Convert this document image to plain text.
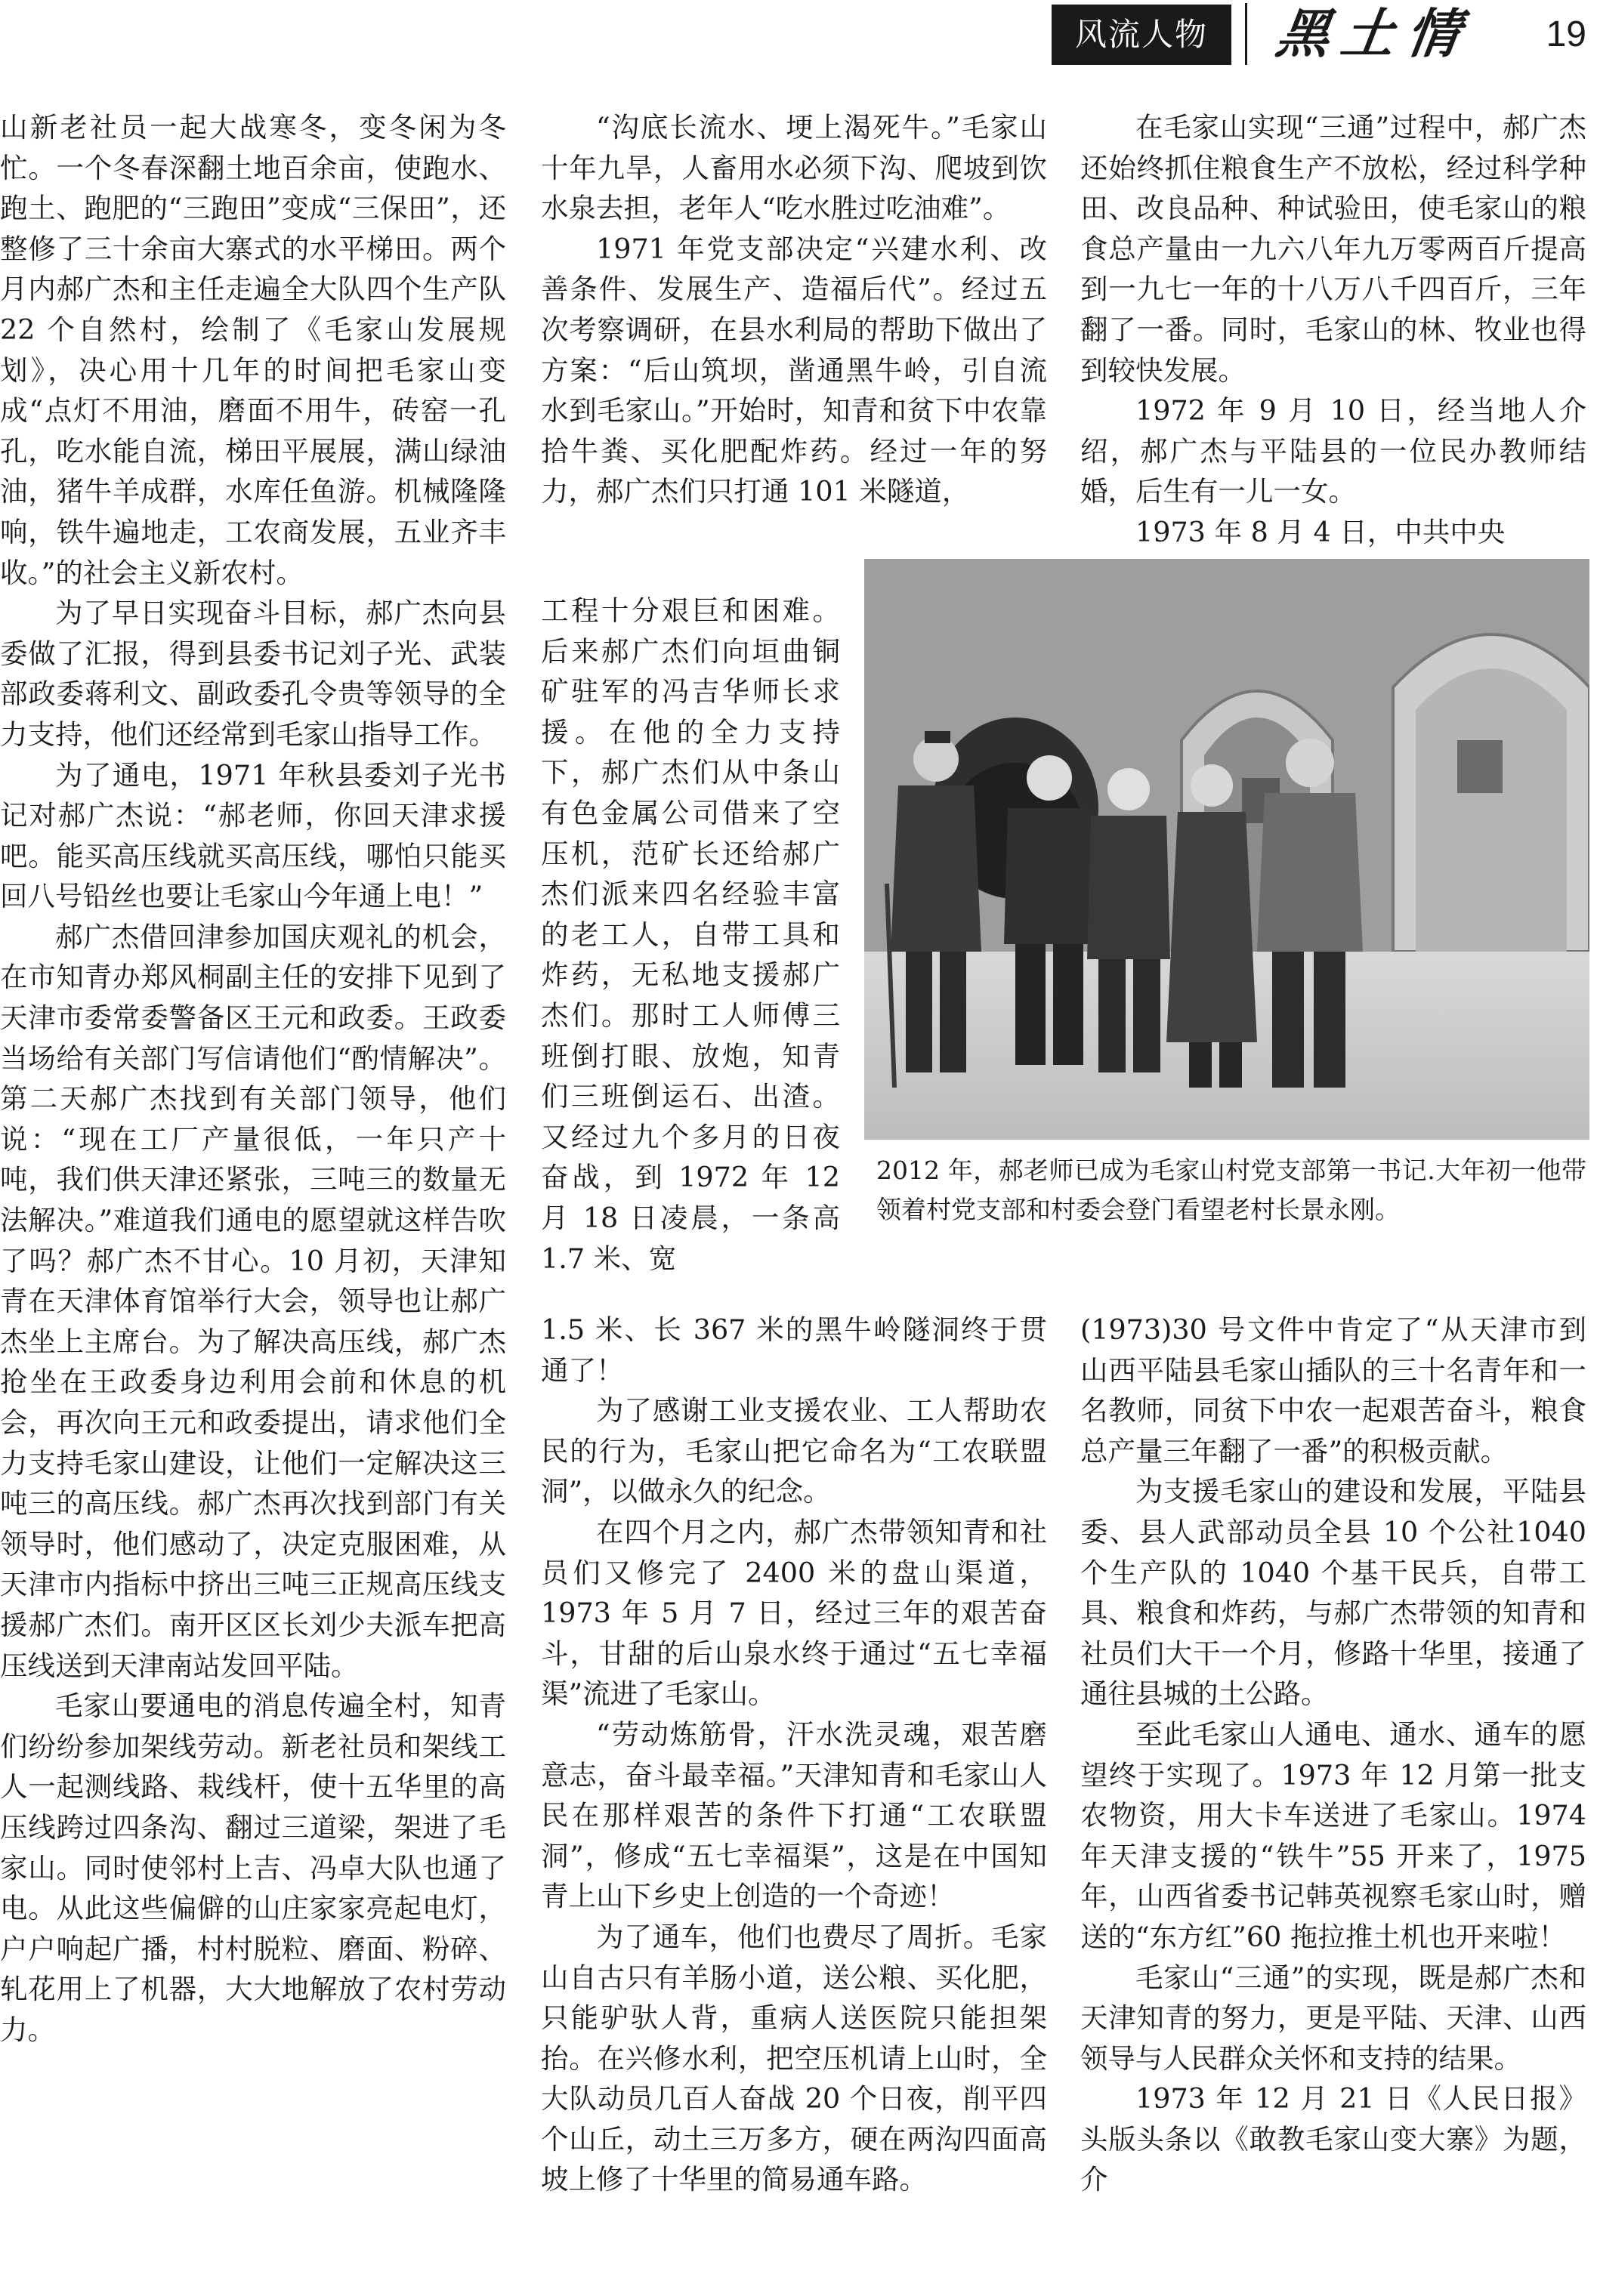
风流人物	黑土情	19

山新老社员一起大战寒冬，变冬闲为冬忙。一个冬春深翻土地百余亩，使跑水、跑土、跑肥的“三跑田”变成“三保田”，还整修了三十余亩大寨式的水平梯田。两个月内郝广杰和主任走遍全大队四个生产队 22 个自然村，绘制了《毛家山发展规划》，决心用十几年的时间把毛家山变成“点灯不用油，磨面不用牛，砖窑一孔孔，吃水能自流，梯田平展展，满山绿油油，猪牛羊成群，水库任鱼游。机械隆隆响，铁牛遍地走，工农商发展，五业齐丰收。”的社会主义新农村。

为了早日实现奋斗目标，郝广杰向县委做了汇报，得到县委书记刘子光、武装部政委蒋利文、副政委孔令贵等领导的全力支持，他们还经常到毛家山指导工作。

为了通电，1971 年秋县委刘子光书记对郝广杰说：“郝老师，你回天津求援吧。能买高压线就买高压线，哪怕只能买回八号铅丝也要让毛家山今年通上电！”

郝广杰借回津参加国庆观礼的机会，在市知青办郑风桐副主任的安排下见到了天津市委常委警备区王元和政委。王政委当场给有关部门写信请他们“酌情解决”。第二天郝广杰找到有关部门领导，他们说：“现在工厂产量很低，一年只产十吨，我们供天津还紧张，三吨三的数量无法解决。”难道我们通电的愿望就这样告吹了吗？郝广杰不甘心。10 月初，天津知青在天津体育馆举行大会，领导也让郝广杰坐上主席台。为了解决高压线，郝广杰抢坐在王政委身边利用会前和休息的机会，再次向王元和政委提出，请求他们全力支持毛家山建设，让他们一定解决这三吨三的高压线。郝广杰再次找到部门有关领导时，他们感动了，决定克服困难，从天津市内指标中挤出三吨三正规高压线支援郝广杰们。南开区区长刘少夫派车把高压线送到天津南站发回平陆。

毛家山要通电的消息传遍全村，知青们纷纷参加架线劳动。新老社员和架线工人一起测线路、栽线杆，使十五华里的高压线跨过四条沟、翻过三道梁，架进了毛家山。同时使邻村上吉、冯卓大队也通了电。从此这些偏僻的山庄家家亮起电灯，户户响起广播，村村脱粒、磨面、粉碎、轧花用上了机器，大大地解放了农村劳动力。

“沟底长流水、埂上渴死牛。”毛家山十年九旱，人畜用水必须下沟、爬坡到饮水泉去担，老年人“吃水胜过吃油难”。

1971 年党支部决定“兴建水利、改善条件、发展生产、造福后代”。经过五次考察调研，在县水利局的帮助下做出了方案：“后山筑坝，凿通黑牛岭，引自流水到毛家山。”开始时，知青和贫下中农靠拾牛粪、买化肥配炸药。经过一年的努力，郝广杰们只打通 101 米隧道，

工程十分艰巨和困难。后来郝广杰们向垣曲铜矿驻军的冯吉华师长求援。在他的全力支持下，郝广杰们从中条山有色金属公司借来了空压机，范矿长还给郝广杰们派来四名经验丰富的老工人，自带工具和炸药，无私地支援郝广杰们。那时工人师傅三班倒打眼、放炮，知青们三班倒运石、出渣。又经过九个多月的日夜奋战，到 1972 年 12 月 18 日凌晨，一条高 1.7 米、宽

1.5 米、长 367 米的黑牛岭隧洞终于贯通了！

为了感谢工业支援农业、工人帮助农民的行为，毛家山把它命名为“工农联盟洞”，以做永久的纪念。

在四个月之内，郝广杰带领知青和社员们又修完了 2400 米的盘山渠道，1973 年 5 月 7 日，经过三年的艰苦奋斗，甘甜的后山泉水终于通过“五七幸福渠”流进了毛家山。

“劳动炼筋骨，汗水洗灵魂，艰苦磨意志，奋斗最幸福。”天津知青和毛家山人民在那样艰苦的条件下打通“工农联盟洞”，修成“五七幸福渠”，这是在中国知青上山下乡史上创造的一个奇迹！

为了通车，他们也费尽了周折。毛家山自古只有羊肠小道，送公粮、买化肥，只能驴驮人背，重病人送医院只能担架抬。在兴修水利，把空压机请上山时，全大队动员几百人奋战 20 个日夜，削平四个山丘，动土三万多方，硬在两沟四面高坡上修了十华里的简易通车路。

在毛家山实现“三通”过程中，郝广杰还始终抓住粮食生产不放松，经过科学种田、改良品种、种试验田，使毛家山的粮食总产量由一九六八年九万零两百斤提高到一九七一年的十八万八千四百斤，三年翻了一番。同时，毛家山的林、牧业也得到较快发展。

1972 年 9 月 10 日，经当地人介绍，郝广杰与平陆县的一位民办教师结婚，后生有一儿一女。

1973 年 8 月 4 日，中共中央

(1973)30 号文件中肯定了“从天津市到山西平陆县毛家山插队的三十名青年和一名教师，同贫下中农一起艰苦奋斗，粮食总产量三年翻了一番”的积极贡献。

为支援毛家山的建设和发展，平陆县委、县人武部动员全县 10 个公社1040 个生产队的 1040 个基干民兵，自带工具、粮食和炸药，与郝广杰带领的知青和社员们大干一个月，修路十华里，接通了通往县城的土公路。

至此毛家山人通电、通水、通车的愿望终于实现了。1973 年 12 月第一批支农物资，用大卡车送进了毛家山。1974 年天津支援的“铁牛”55 开来了，1975 年，山西省委书记韩英视察毛家山时，赠送的“东方红”60 拖拉推土机也开来啦！

毛家山“三通”的实现，既是郝广杰和天津知青的努力，更是平陆、天津、山西领导与人民群众关怀和支持的结果。

1973 年 12 月 21 日《人民日报》头版头条以《敢教毛家山变大寨》为题，介

2012 年，郝老师已成为毛家山村党支部第一书记.大年初一他带领着村党支部和村委会登门看望老村长景永刚。
